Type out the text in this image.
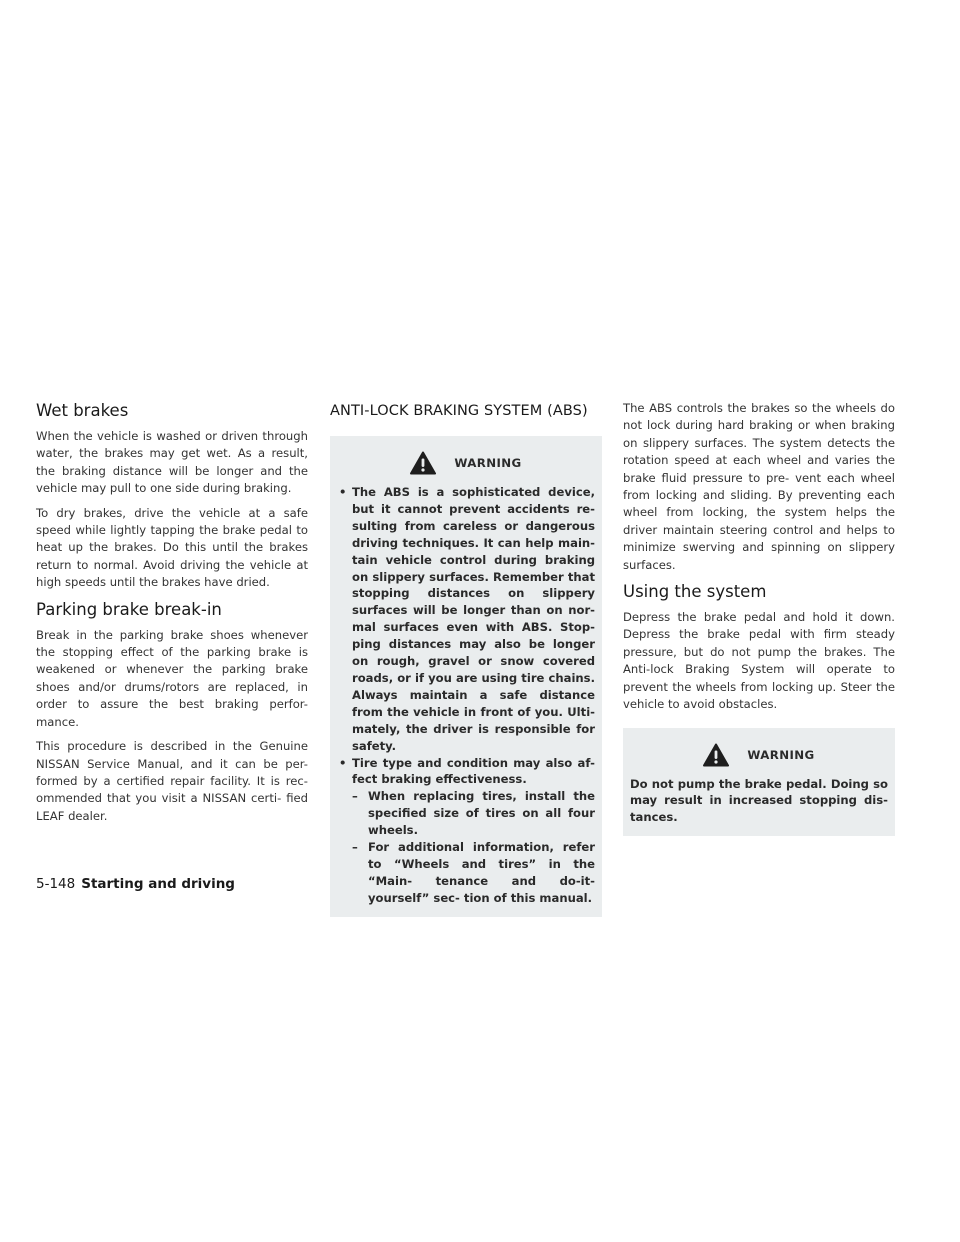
Wet brakes

When the vehicle is washed or driven through water, the brakes may get wet. As a result, the braking distance will be longer and the vehicle may pull to one side during braking.

To dry brakes, drive the vehicle at a safe speed while lightly tapping the brake pedal to heat up the brakes. Do this until the brakes return to normal. Avoid driving the vehicle at high speeds until the brakes have dried.

Parking brake break-in

Break in the parking brake shoes whenever the stopping effect of the parking brake is weakened or whenever the parking brake shoes and/or drums/rotors are replaced, in order to assure the best braking perfor- mance.

This procedure is described in the Genuine NISSAN Service Manual, and it can be per- formed by a certified repair facility. It is rec- ommended that you visit a NISSAN certi- fied LEAF dealer.

ANTI-LOCK BRAKING SYSTEM (ABS)
WARNING
• The ABS is a sophisticated device, but it cannot prevent accidents re- sulting from careless or dangerous driving techniques. It can help main- tain vehicle control during braking on slippery surfaces. Remember that stopping distances on slippery surfaces will be longer than on nor- mal surfaces even with ABS. Stop- ping distances may also be longer on rough, gravel or snow covered roads, or if you are using tire chains. Always maintain a safe distance from the vehicle in front of you. Ulti- mately, the driver is responsible for safety.
• Tire type and condition may also af- fect braking effectiveness.
– When replacing tires, install the specified size of tires on all four wheels.
– For additional information, refer to “Wheels and tires” in the “Main- tenance and do-it-yourself” sec- tion of this manual.

The ABS controls the brakes so the wheels do not lock during hard braking or when braking on slippery surfaces. The system detects the rotation speed at each wheel and varies the brake fluid pressure to pre- vent each wheel from locking and sliding. By preventing each wheel from locking, the system helps the driver maintain steering control and helps to minimize swerving and spinning on slippery surfaces.

Using the system

Depress the brake pedal and hold it down. Depress the brake pedal with firm steady pressure, but do not pump the brakes. The Anti-lock Braking System will operate to prevent the wheels from locking up. Steer the vehicle to avoid obstacles.

WARNING

Do not pump the brake pedal. Doing so may result in increased stopping dis- tances.

5-148 Starting and driving
